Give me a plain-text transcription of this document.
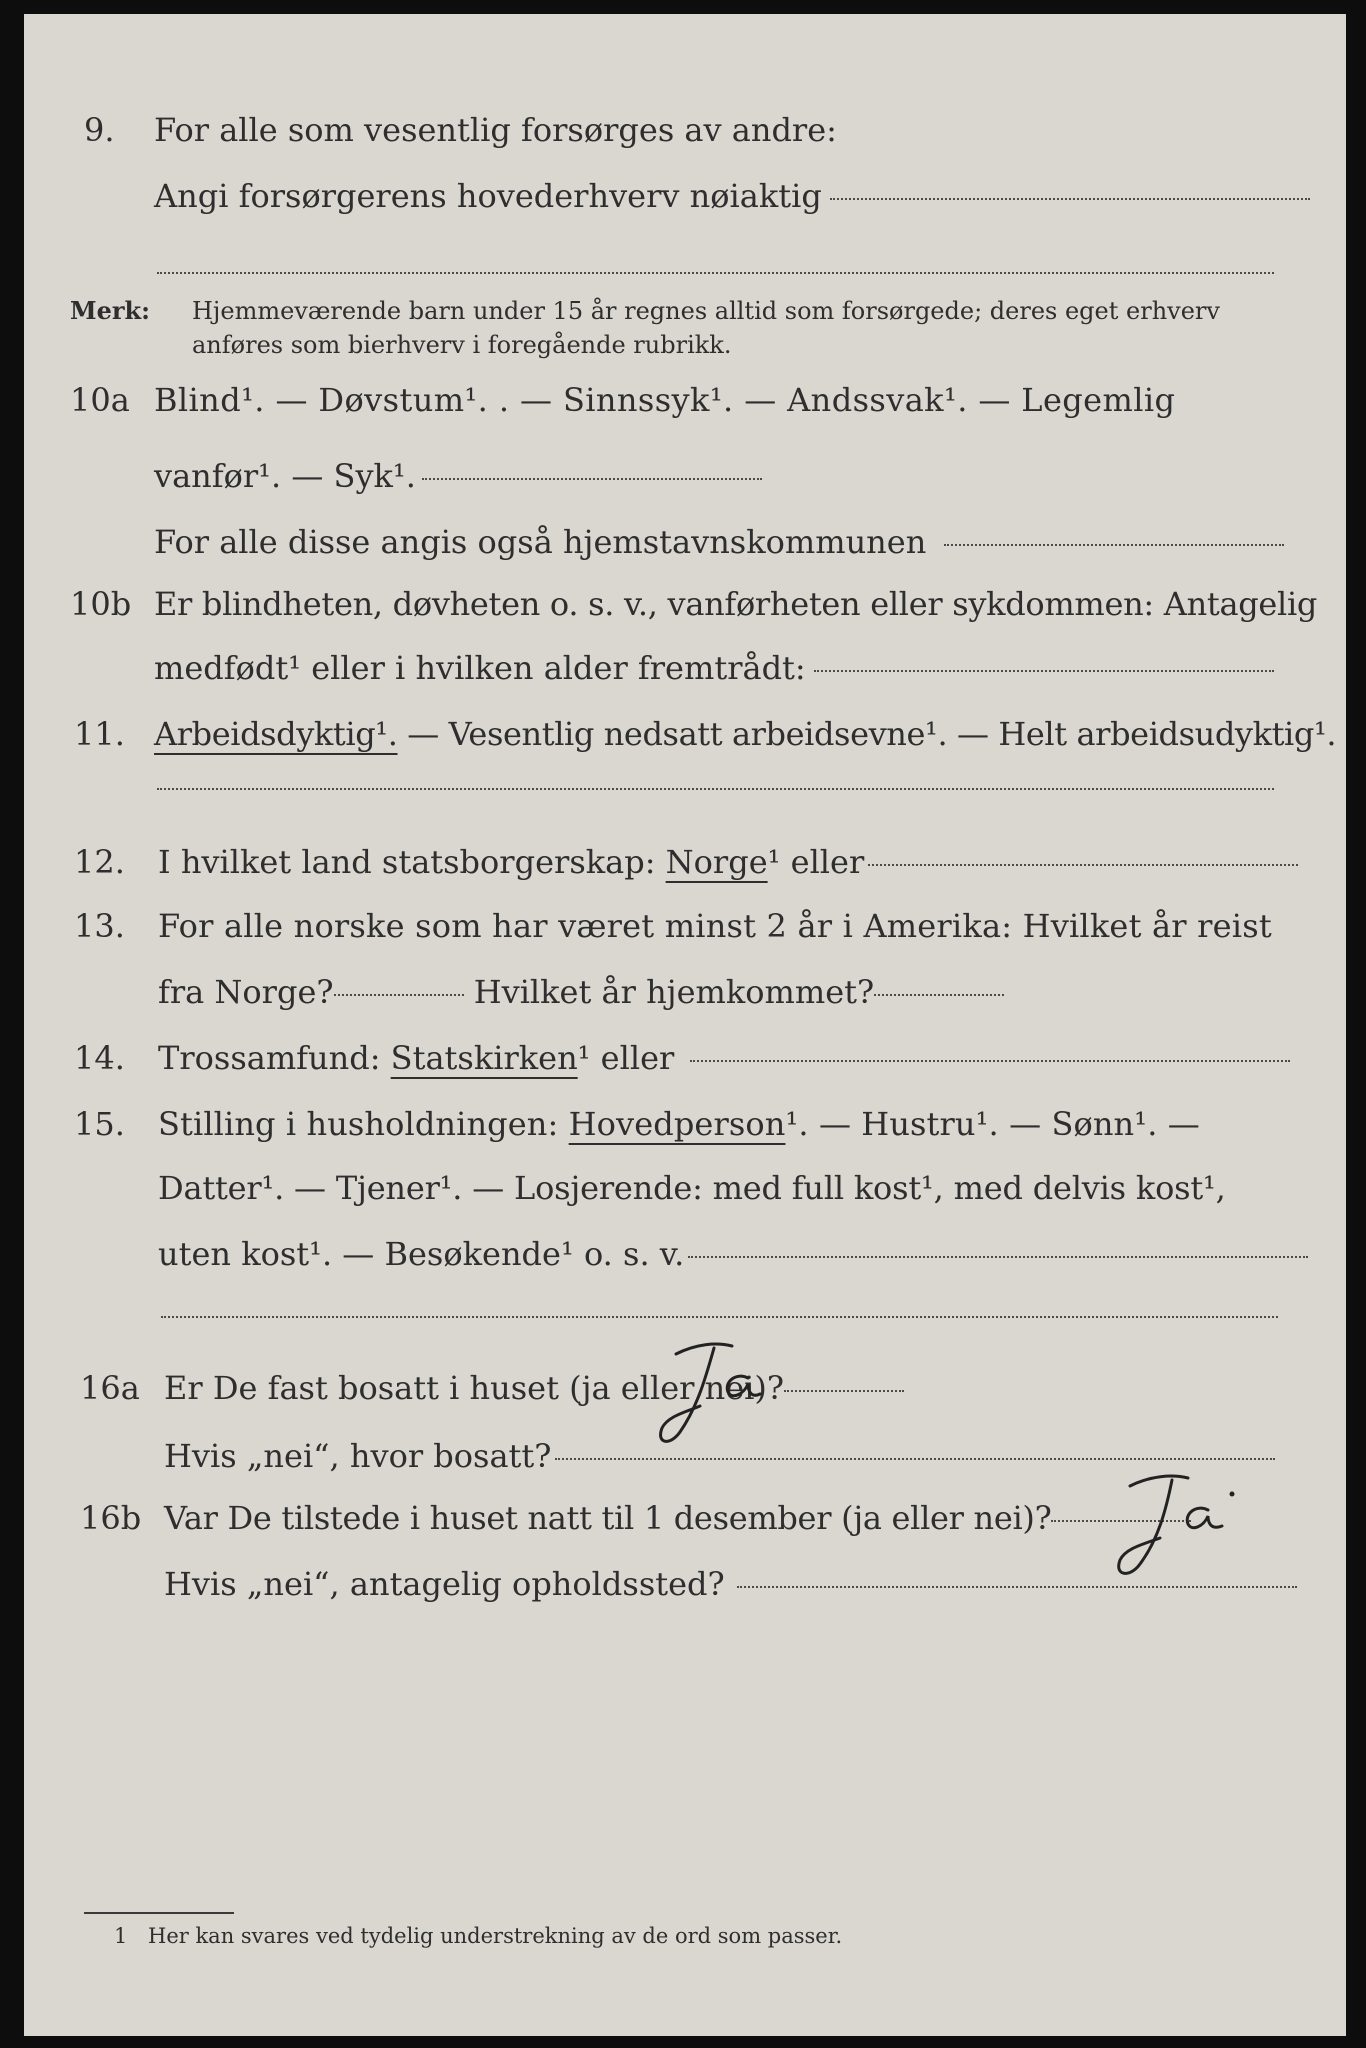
9. For alle som vesentlig forsørges av andre:
Angi forsørgerens hovederhverv nøiaktig
Merk: Hjemmeværende barn under 15 år regnes alltid som forsørgede; deres eget erhverv
anføres som bierhverv i foregående rubrikk.
10a Blind¹. — Døvstum¹. . — Sinnssyk¹. — Andssvak¹. — Legemlig
vanfør¹. — Syk¹.
For alle disse angis også hjemstavnskommunen
10b Er blindheten, døvheten o. s. v., vanførheten eller sykdommen: Antagelig
medfødt¹ eller i hvilken alder fremtrådt:
11. Arbeidsdyktig¹. — Vesentlig nedsatt arbeidsevne¹. — Helt arbeidsudyktig¹.
12. I hvilket land statsborgerskap: Norge¹ eller
13. For alle norske som har været minst 2 år i Amerika: Hvilket år reist
fra Norge?	Hvilket år hjemkommet?
14. Trossamfund: Statskirken¹ eller
15. Stilling i husholdningen: Hovedperson¹. — Hustru¹. — Sønn¹. —
Datter¹. — Tjener¹. — Losjerende: med full kost¹, med delvis kost¹,
uten kost¹. — Besøkende¹ o. s. v.
16a Er De fast bosatt i huset (ja eller nei)?
Hvis „nei“, hvor bosatt?
16b Var De tilstede i huset natt til 1 desember (ja eller nei)?
Hvis „nei“, antagelig opholdssted?
1 Her kan svares ved tydelig understrekning av de ord som passer.
